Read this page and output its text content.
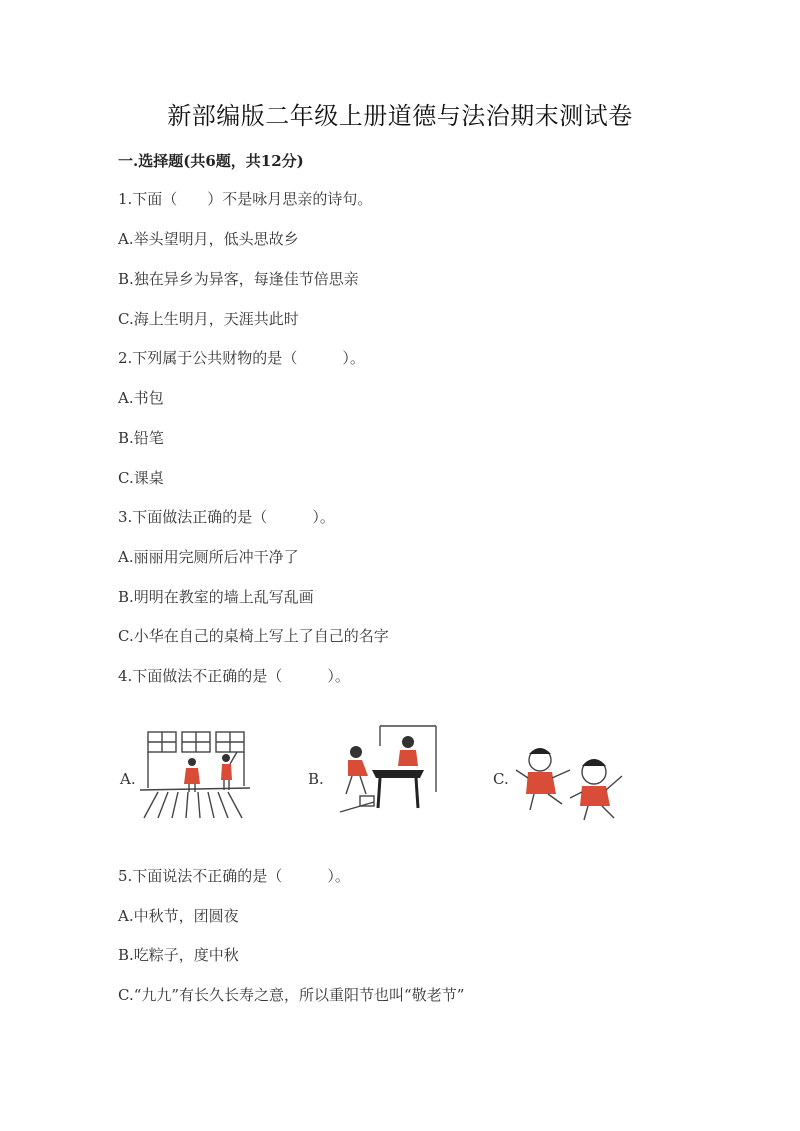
新部编版二年级上册道德与法治期末测试卷
一.选择题(共6题，共12分)
1.下面（　　）不是咏月思亲的诗句。
A.举头望明月，低头思故乡
B.独在异乡为异客，每逢佳节倍思亲
C.海上生明月，天涯共此时
2.下列属于公共财物的是（　　　）。
A.书包
B.铅笔
C.课桌
3.下面做法正确的是（　　　）。
A.丽丽用完厕所后冲干净了
B.明明在教室的墙上乱写乱画
C.小华在自己的桌椅上写上了自己的名字
4.下面做法不正确的是（　　　）。
A.	B.	C.
5.下面说法不正确的是（　　　）。
A.中秋节，团圆夜
B.吃粽子，度中秋
C.“九九”有长久长寿之意，所以重阳节也叫“敬老节”
